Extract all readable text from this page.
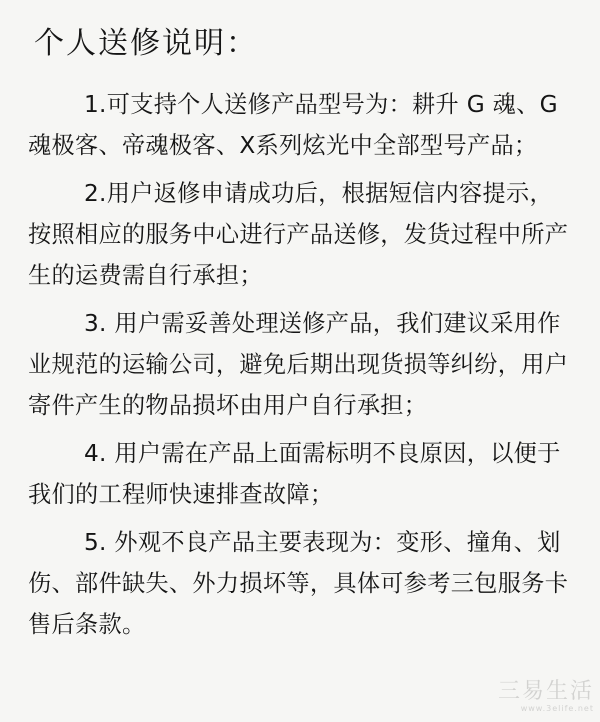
个人送修说明：

1.可支持个人送修产品型号为：耕升 G 魂、G 魂极客、帝魂极客、X系列炫光中全部型号产品；

2.用户返修申请成功后，根据短信内容提示，按照相应的服务中心进行产品送修，发货过程中所产生的运费需自行承担；

3. 用户需妥善处理送修产品，我们建议采用作业规范的运输公司，避免后期出现货损等纠纷，用户寄件产生的物品损坏由用户自行承担；

4. 用户需在产品上面需标明不良原因，以便于我们的工程师快速排查故障；

5. 外观不良产品主要表现为：变形、撞角、划伤、部件缺失、外力损坏等，具体可参考三包服务卡售后条款。

三易生活
www.3elife.net
